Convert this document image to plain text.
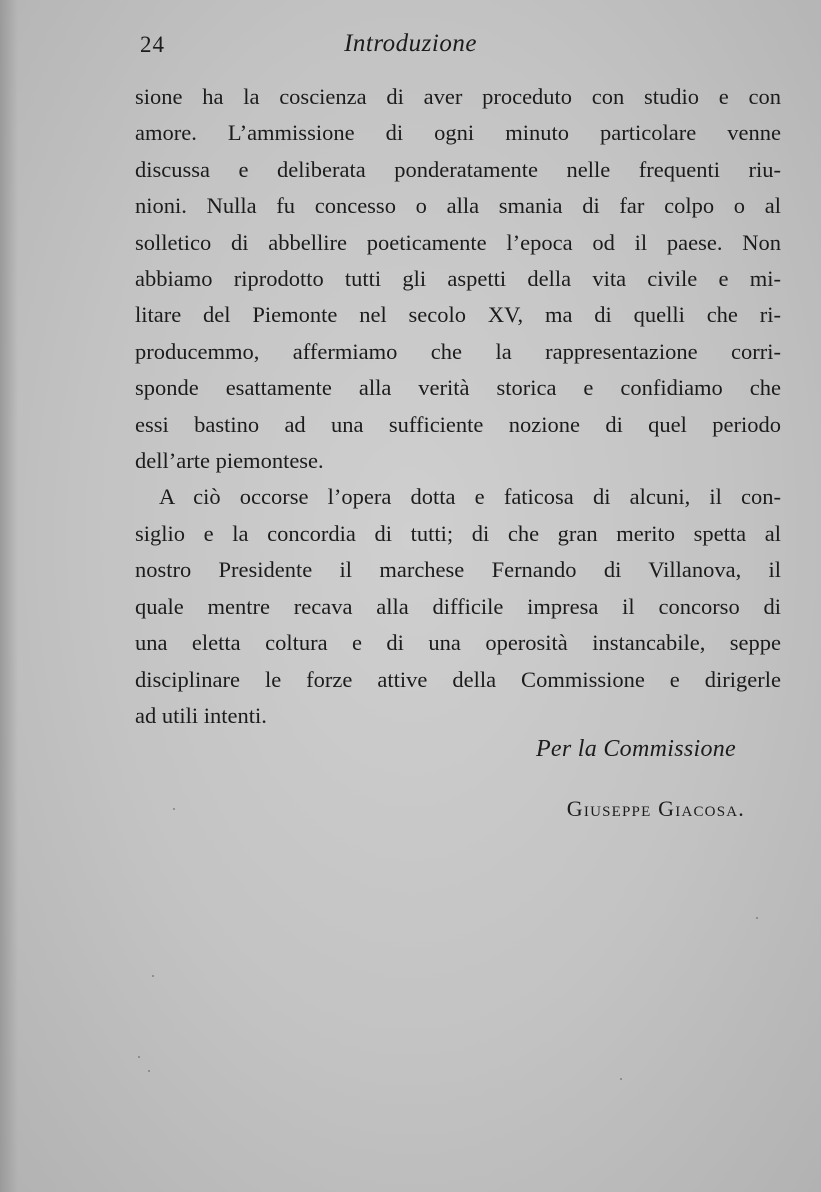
24	Introduzione

sione ha la coscienza di aver proceduto con studio e con
amore. L’ammissione di ogni minuto particolare venne
discussa e deliberata ponderatamente nelle frequenti riu-
nioni. Nulla fu concesso o alla smania di far colpo o al
solletico di abbellire poeticamente l’epoca od il paese. Non
abbiamo riprodotto tutti gli aspetti della vita civile e mi-
litare del Piemonte nel secolo XV, ma di quelli che ri-
producemmo, affermiamo che la rappresentazione corri-
sponde esattamente alla verità storica e confidiamo che
essi bastino ad una sufficiente nozione di quel periodo
dell’arte piemontese.

A ciò occorse l’opera dotta e faticosa di alcuni, il con-
siglio e la concordia di tutti; di che gran merito spetta al
nostro Presidente il marchese Fernando di Villanova, il
quale mentre recava alla difficile impresa il concorso di
una eletta coltura e di una operosità instancabile, seppe
disciplinare le forze attive della Commissione e dirigerle
ad utili intenti.

Per la Commissione
Giuseppe Giacosa.
